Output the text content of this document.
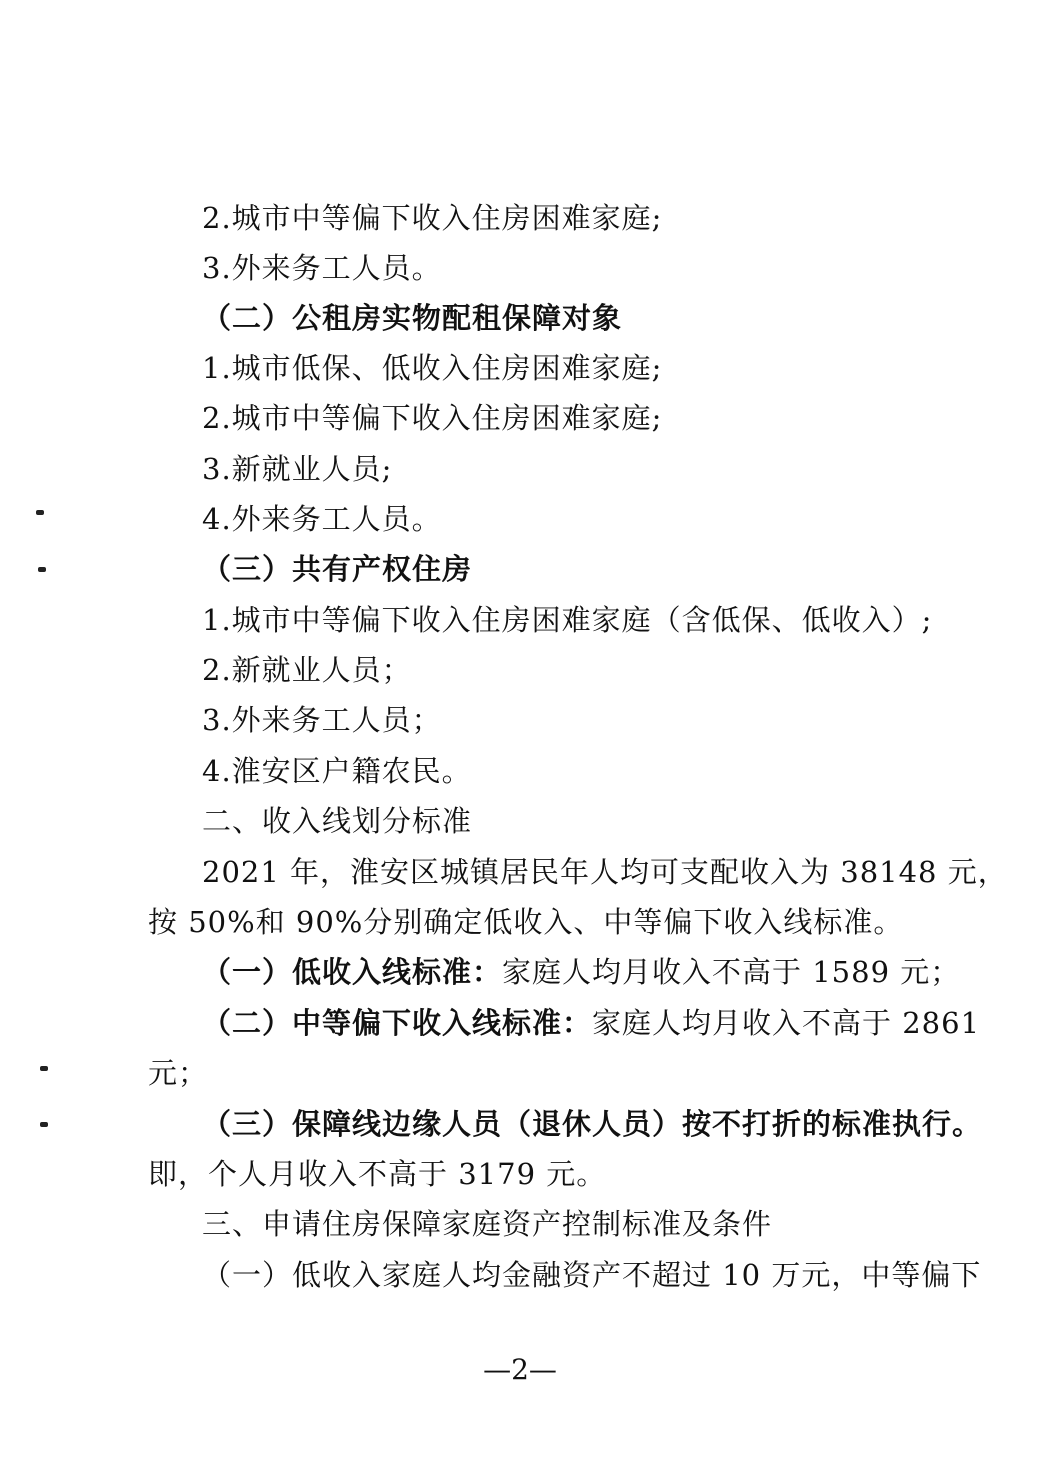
2.城市中等偏下收入住房困难家庭;
3.外来务工人员。
（二）公租房实物配租保障对象
1.城市低保、低收入住房困难家庭;
2.城市中等偏下收入住房困难家庭;
3.新就业人员;
4.外来务工人员。
（三）共有产权住房
1.城市中等偏下收入住房困难家庭（含低保、低收入）;
2.新就业人员；
3.外来务工人员；
4.淮安区户籍农民。
二、收入线划分标准
2021 年，淮安区城镇居民年人均可支配收入为 38148 元，
按 50%和 90%分别确定低收入、中等偏下收入线标准。
（一）低收入线标准：家庭人均月收入不高于 1589 元；
（二）中等偏下收入线标准：家庭人均月收入不高于 2861
元；
（三）保障线边缘人员（退休人员）按不打折的标准执行。
即，个人月收入不高于 3179 元。
三、申请住房保障家庭资产控制标准及条件
（一）低收入家庭人均金融资产不超过 10 万元，中等偏下
—2—
